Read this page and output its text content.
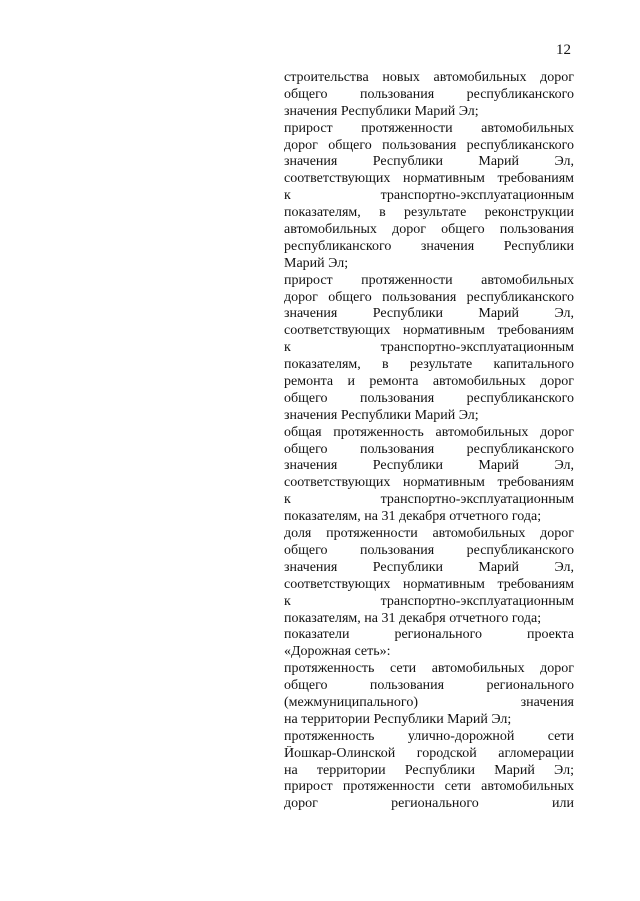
12
строительства новых автомобильных дорог
общего пользования республиканского
значения Республики Марий Эл;
прирост протяженности автомобильных
дорог общего пользования республиканского
значения Республики Марий Эл,
соответствующих нормативным требованиям
к транспортно-эксплуатационным
показателям, в результате реконструкции
автомобильных дорог общего пользования
республиканского значения Республики
Марий Эл;
прирост протяженности автомобильных
дорог общего пользования республиканского
значения Республики Марий Эл,
соответствующих нормативным требованиям
к транспортно-эксплуатационным
показателям, в результате капитального
ремонта и ремонта автомобильных дорог
общего пользования республиканского
значения Республики Марий Эл;
общая протяженность автомобильных дорог
общего пользования республиканского
значения Республики Марий Эл,
соответствующих нормативным требованиям
к транспортно-эксплуатационным
показателям, на 31 декабря отчетного года;
доля протяженности автомобильных дорог
общего пользования республиканского
значения Республики Марий Эл,
соответствующих нормативным требованиям
к транспортно-эксплуатационным
показателям, на 31 декабря отчетного года;
показатели регионального проекта
«Дорожная сеть»:
протяженность сети автомобильных дорог
общего пользования регионального
(межмуниципального) значения
на территории Республики Марий Эл;
протяженность улично-дорожной сети
Йошкар-Олинской городской агломерации
на территории Республики Марий Эл;
прирост протяженности сети автомобильных
дорог регионального или
